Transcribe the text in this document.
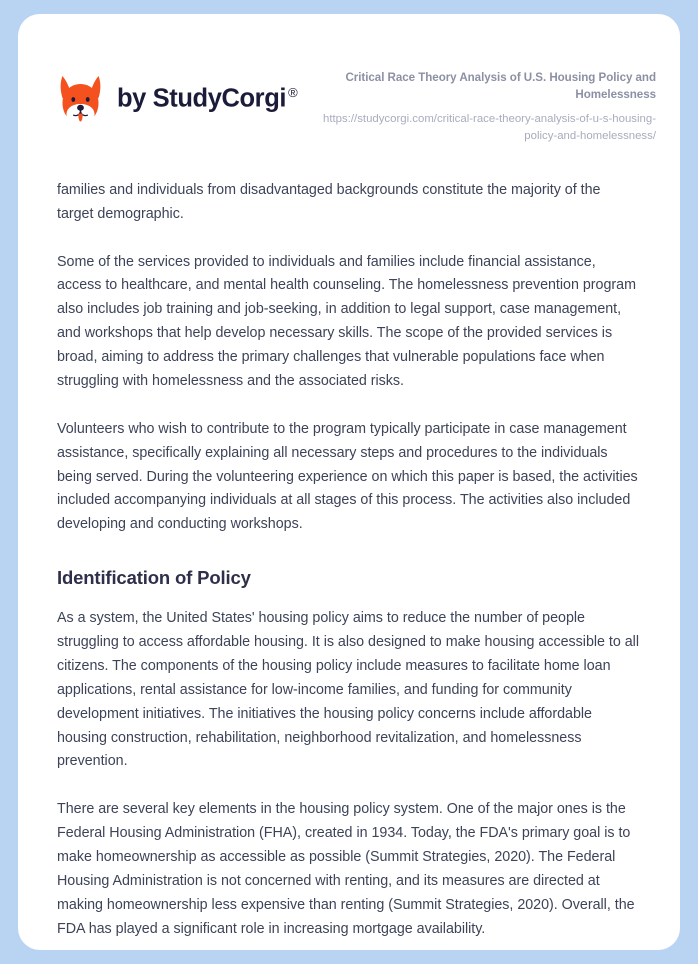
by StudyCorgi ®
Critical Race Theory Analysis of U.S. Housing Policy and Homelessness
https://studycorgi.com/critical-race-theory-analysis-of-u-s-housing-policy-and-homelessness/

families and individuals from disadvantaged backgrounds constitute the majority of the target demographic.

Some of the services provided to individuals and families include financial assistance, access to healthcare, and mental health counseling. The homelessness prevention program also includes job training and job-seeking, in addition to legal support, case management, and workshops that help develop necessary skills. The scope of the provided services is broad, aiming to address the primary challenges that vulnerable populations face when struggling with homelessness and the associated risks.

Volunteers who wish to contribute to the program typically participate in case management assistance, specifically explaining all necessary steps and procedures to the individuals being served. During the volunteering experience on which this paper is based, the activities included accompanying individuals at all stages of this process. The activities also included developing and conducting workshops.

Identification of Policy

As a system, the United States' housing policy aims to reduce the number of people struggling to access affordable housing. It is also designed to make housing accessible to all citizens. The components of the housing policy include measures to facilitate home loan applications, rental assistance for low-income families, and funding for community development initiatives. The initiatives the housing policy concerns include affordable housing construction, rehabilitation, neighborhood revitalization, and homelessness prevention.

There are several key elements in the housing policy system. One of the major ones is the Federal Housing Administration (FHA), created in 1934. Today, the FDA's primary goal is to make homeownership as accessible as possible (Summit Strategies, 2020). The Federal Housing Administration is not concerned with renting, and its measures are directed at making homeownership less expensive than renting (Summit Strategies, 2020). Overall, the FDA has played a significant role in increasing mortgage availability.
